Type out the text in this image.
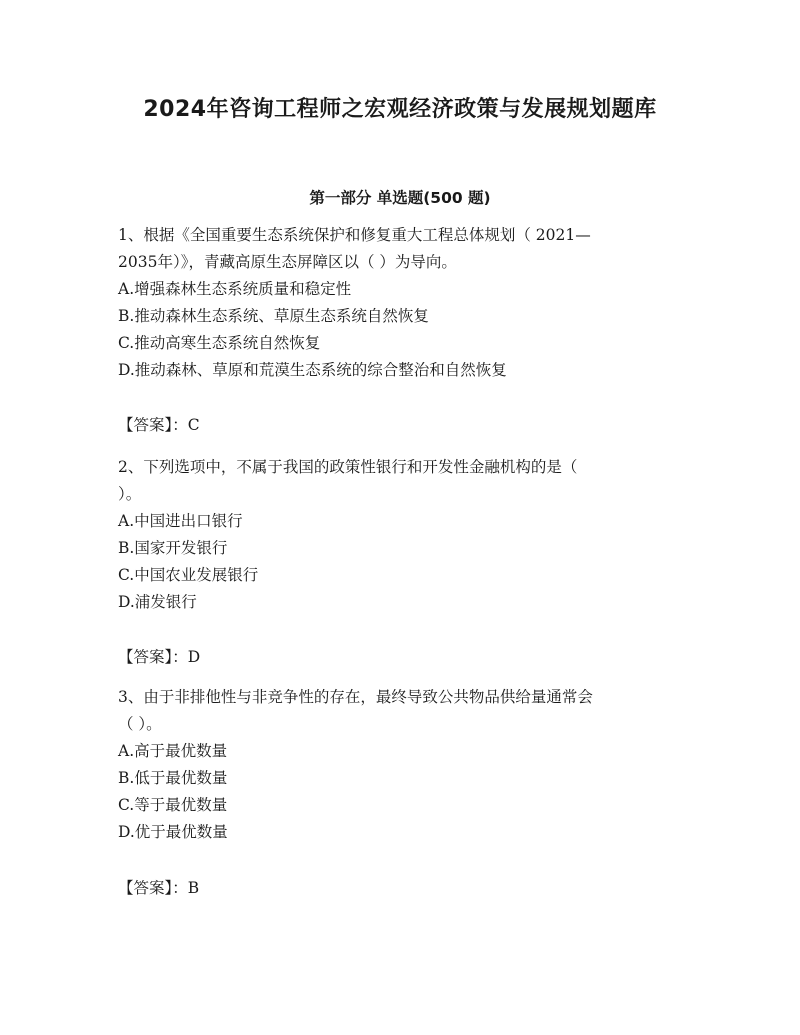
2024年咨询工程师之宏观经济政策与发展规划题库
第一部分 单选题(500 题)

1、根据《全国重要生态系统保护和修复重大工程总体规划（ 2021—

2035年）》，青藏高原生态屏障区以（ ）为导向。

A.增强森林生态系统质量和稳定性
B.推动森林生态系统、草原生态系统自然恢复
C.推动高寒生态系统自然恢复
D.推动森林、草原和荒漠生态系统的综合整治和自然恢复

【答案】：C

2、下列选项中，不属于我国的政策性银行和开发性金融机构的是（

）。

A.中国进出口银行
B.国家开发银行
C.中国农业发展银行
D.浦发银行

【答案】：D

3、由于非排他性与非竞争性的存在，最终导致公共物品供给量通常会

（ ）。

A.高于最优数量
B.低于最优数量
C.等于最优数量
D.优于最优数量

【答案】：B
